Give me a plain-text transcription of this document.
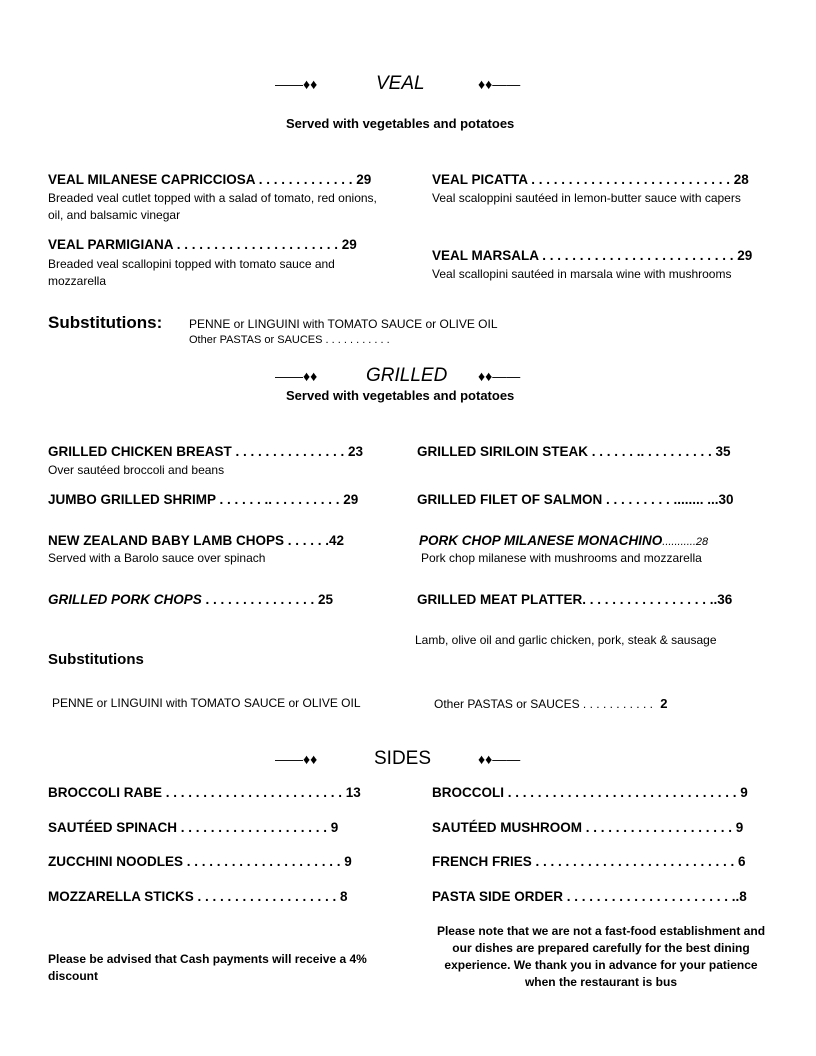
——♦♦	VEAL	♦♦——
Served with vegetables and potatoes
VEAL MILANESE CAPRICCIOSA . . . . . . . . . . . . . 29
Breaded veal cutlet topped with a salad of tomato, red onions, oil, and balsamic vinegar
VEAL PARMIGIANA . . . . . . . . . . . . . . . . . . . . . . 29
Breaded veal scallopini topped with tomato sauce and mozzarella
VEAL PICATTA . . . . . . . . . . . . . . . . . . . . . . . . . . . 28
Veal scaloppini sautéed in lemon-butter sauce with capers
VEAL MARSALA . . . . . . . . . . . . . . . . . . . . . . . . . . 29
Veal scallopini sautéed in marsala wine with mushrooms
Substitutions: PENNE or LINGUINI with TOMATO SAUCE or OLIVE OIL
Other PASTAS or SAUCES . . . . . . . . . . .
——♦♦	GRILLED ♦♦——
Served with vegetables and potatoes
GRILLED CHICKEN BREAST . . . . . . . . . . . . . . . 23
Over sautéed broccoli and beans
JUMBO GRILLED SHRIMP . . . . . . .. . . . . . . . . . 29
NEW ZEALAND BABY LAMB CHOPS . . . . . .42
Served with a Barolo sauce over spinach
GRILLED PORK CHOPS . . . . . . . . . . . . . . . 25
GRILLED SIRILOIN STEAK . . . . . . .. . . . . . . . . . 35
GRILLED FILET OF SALMON . . . . . . . . . ........ ...30
PORK CHOP MILANESE MONACHINO...........28
Pork chop milanese with mushrooms and mozzarella
GRILLED MEAT PLATTER. . . . . . . . . . . . . . . . . ..36
Lamb, olive oil and garlic chicken, pork, steak & sausage
Substitutions
PENNE or LINGUINI with TOMATO SAUCE or OLIVE OIL	Other PASTAS or SAUCES . . . . . . . . . . . 2
——♦♦	SIDES	♦♦——
BROCCOLI RABE . . . . . . . . . . . . . . . . . . . . . . . . 13
SAUTÉED SPINACH . . . . . . . . . . . . . . . . . . . . 9
ZUCCHINI NOODLES . . . . . . . . . . . . . . . . . . . . . 9
MOZZARELLA STICKS . . . . . . . . . . . . . . . . . . . 8
BROCCOLI . . . . . . . . . . . . . . . . . . . . . . . . . . . . . . . 9
SAUTÉED MUSHROOM . . . . . . . . . . . . . . . . . . . . 9
FRENCH FRIES . . . . . . . . . . . . . . . . . . . . . . . . . . . 6
PASTA SIDE ORDER . . . . . . . . . . . . . . . . . . . . . . ..8
Please be advised that Cash payments will receive a 4% discount
Please note that we are not a fast-food establishment and our dishes are prepared carefully for the best dining experience. We thank you in advance for your patience when the restaurant is bus
